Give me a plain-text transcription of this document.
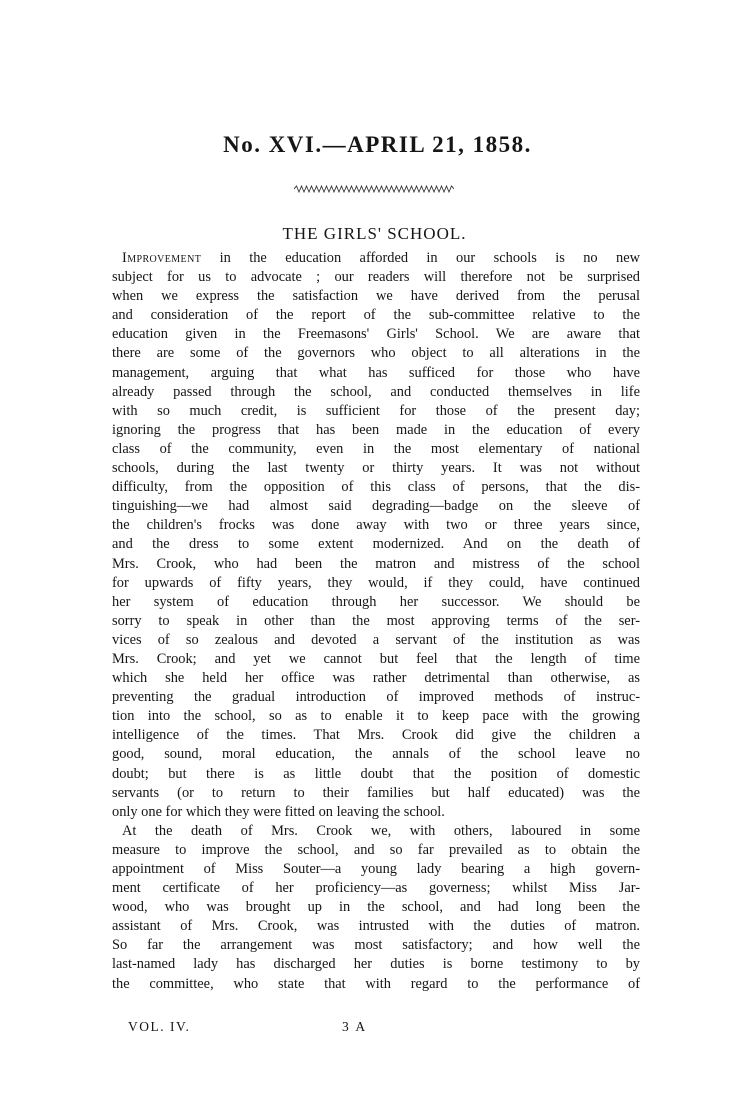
No. XVI.—APRIL 21, 1858.
THE GIRLS' SCHOOL.
Improvement in the education afforded in our schools is no new
subject for us to advocate ; our readers will therefore not be surprised
when we express the satisfaction we have derived from the perusal
and consideration of the report of the sub-committee relative to the
education given in the Freemasons' Girls' School. We are aware that
there are some of the governors who object to all alterations in the
management, arguing that what has sufficed for those who have
already passed through the school, and conducted themselves in life
with so much credit, is sufficient for those of the present day;
ignoring the progress that has been made in the education of every
class of the community, even in the most elementary of national
schools, during the last twenty or thirty years. It was not without
difficulty, from the opposition of this class of persons, that the dis-
tinguishing—we had almost said degrading—badge on the sleeve of
the children's frocks was done away with two or three years since,
and the dress to some extent modernized. And on the death of
Mrs. Crook, who had been the matron and mistress of the school
for upwards of fifty years, they would, if they could, have continued
her system of education through her successor. We should be
sorry to speak in other than the most approving terms of the ser-
vices of so zealous and devoted a servant of the institution as was
Mrs. Crook; and yet we cannot but feel that the length of time
which she held her office was rather detrimental than otherwise, as
preventing the gradual introduction of improved methods of instruc-
tion into the school, so as to enable it to keep pace with the growing
intelligence of the times. That Mrs. Crook did give the children a
good, sound, moral education, the annals of the school leave no
doubt; but there is as little doubt that the position of domestic
servants (or to return to their families but half educated) was the
only one for which they were fitted on leaving the school.
At the death of Mrs. Crook we, with others, laboured in some
measure to improve the school, and so far prevailed as to obtain the
appointment of Miss Souter—a young lady bearing a high govern-
ment certificate of her proficiency—as governess; whilst Miss Jar-
wood, who was brought up in the school, and had long been the
assistant of Mrs. Crook, was intrusted with the duties of matron.
So far the arrangement was most satisfactory; and how well the
last-named lady has discharged her duties is borne testimony to by
the committee, who state that with regard to the performance of
VOL. IV.	3 A
